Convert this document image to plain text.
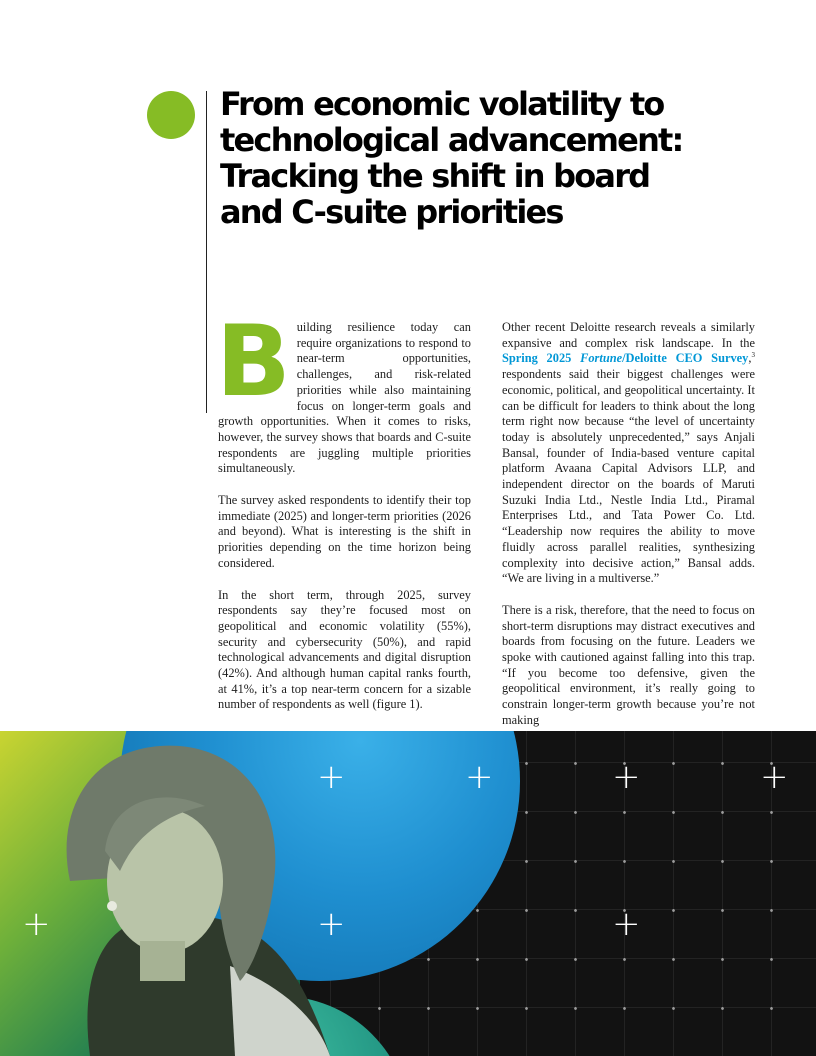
From economic volatility to technological advancement: Tracking the shift in board and C-suite priorities

Building resilience today can require organizations to respond to near-term opportunities, challenges, and risk-related priorities while also maintaining focus on longer-term goals and growth opportunities. When it comes to risks, however, the survey shows that boards and C-suite respondents are juggling multiple priorities simultaneously.

The survey asked respondents to identify their top immediate (2025) and longer-term priorities (2026 and beyond). What is interesting is the shift in priorities depending on the time horizon being considered.

In the short term, through 2025, survey respondents say they’re focused most on geopolitical and economic volatility (55%), security and cybersecurity (50%), and rapid technological advancements and digital disruption (42%). And although human capital ranks fourth, at 41%, it’s a top near-term concern for a sizable number of respondents as well (figure 1).

Other recent Deloitte research reveals a similarly expansive and complex risk landscape. In the Spring 2025 Fortune/Deloitte CEO Survey,$^3$ respondents said their biggest challenges were economic, political, and geopolitical uncertainty. It can be difficult for leaders to think about the long term right now because “the level of uncertainty today is absolutely unprecedented,” says Anjali Bansal, founder of India-based venture capital platform Avaana Capital Advisors LLP, and independent director on the boards of Maruti Suzuki India Ltd., Nestle India Ltd., Piramal Enterprises Ltd., and Tata Power Co. Ltd. “Leadership now requires the ability to move fluidly across parallel realities, synthesizing complexity into decisive action,” Bansal adds. “We are living in a multiverse.”

There is a risk, therefore, that the need to focus on short-term disruptions may distract executives and boards from focusing on the future. Leaders we spoke with cautioned against falling into this trap. “If you become too defensive, given the geopolitical environment, it’s really going to constrain longer-term growth because you’re not making

+	+	+	+
+	+	+
